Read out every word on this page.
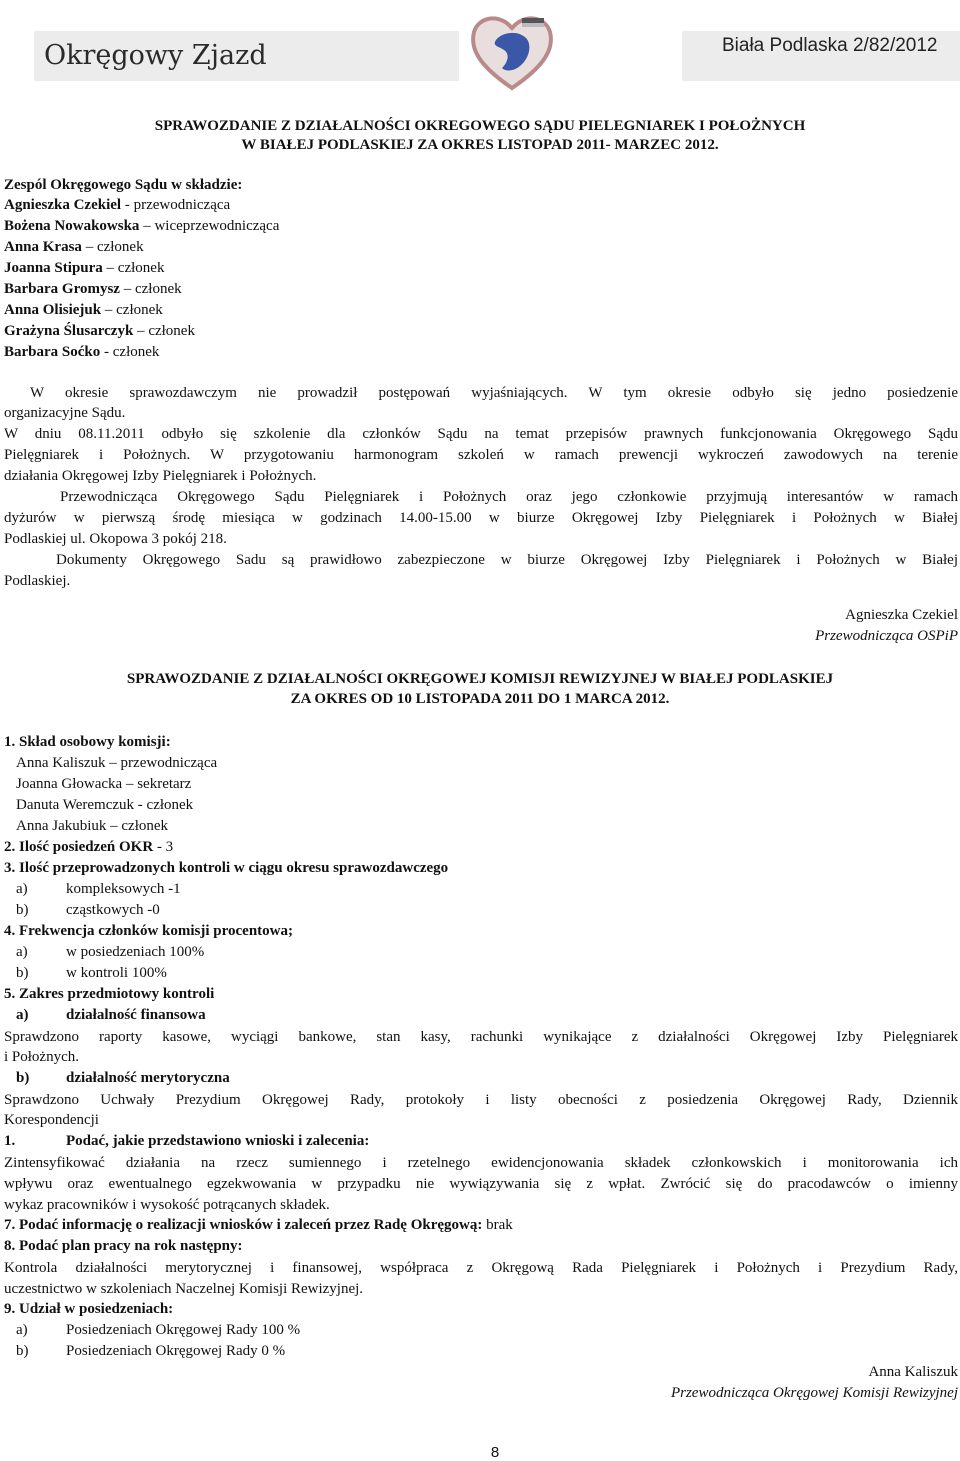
Okręgowy Zjazd	Biała Podlaska 2/82/2012
SPRAWOZDANIE Z DZIAŁALNOŚCI OKREGOWEGO SĄDU PIELEGNIAREK I POŁOŻNYCH
W BIAŁEJ PODLASKIEJ ZA OKRES LISTOPAD 2011- MARZEC 2012.
Zespól Okręgowego Sądu w składzie:
Agnieszka Czekiel - przewodnicząca
Bożena Nowakowska – wiceprzewodnicząca
Anna Krasa – członek
Joanna Stipura – członek
Barbara Gromysz – członek
Anna Olisiejuk – członek
Grażyna Ślusarczyk – członek
Barbara Soćko - członek
W okresie sprawozdawczym nie prowadził postępowań wyjaśniających. W tym okresie odbyło się jedno posiedzenie
organizacyjne Sądu.
W dniu 08.11.2011 odbyło się szkolenie dla członków Sądu na temat przepisów prawnych funkcjonowania Okręgowego Sądu
Pielęgniarek i Położnych. W przygotowaniu harmonogram szkoleń w ramach prewencji wykroczeń zawodowych na terenie
działania Okręgowej Izby Pielęgniarek i Położnych.
Przewodnicząca Okręgowego Sądu Pielęgniarek i Położnych oraz jego członkowie przyjmują interesantów w ramach
dyżurów w pierwszą środę miesiąca w godzinach 14.00-15.00 w biurze Okręgowej Izby Pielęgniarek i Położnych w Białej
Podlaskiej ul. Okopowa 3 pokój 218.
Dokumenty Okręgowego Sadu są prawidłowo zabezpieczone w biurze Okręgowej Izby Pielęgniarek i Położnych w Białej
Podlaskiej.
Agnieszka Czekiel
Przewodnicząca OSPiP
SPRAWOZDANIE Z DZIAŁALNOŚCI OKRĘGOWEJ KOMISJI REWIZYJNEJ W BIAŁEJ PODLASKIEJ
ZA OKRES OD 10 LISTOPADA 2011 DO 1 MARCA 2012.
1. Skład osobowy komisji:
Anna Kaliszuk – przewodnicząca
Joanna Głowacka – sekretarz
Danuta Weremczuk - członek
Anna Jakubiuk – członek
2. Ilość posiedzeń OKR - 3
3. Ilość przeprowadzonych kontroli w ciągu okresu sprawozdawczego
a)	kompleksowych -1
b)	cząstkowych -0
4. Frekwencja członków komisji procentowa;
a)	w posiedzeniach 100%
b)	w kontroli 100%
5. Zakres przedmiotowy kontroli
a)	działalność finansowa
Sprawdzono raporty kasowe, wyciągi bankowe, stan kasy, rachunki wynikające z działalności Okręgowej Izby Pielęgniarek
i Położnych.
b) działalność merytoryczna
Sprawdzono Uchwały Prezydium Okręgowej Rady, protokoły i listy obecności z posiedzenia Okręgowej Rady, Dziennik
Korespondencji
1.	Podać, jakie przedstawiono wnioski i zalecenia:
Zintensyfikować działania na rzecz sumiennego i rzetelnego ewidencjonowania składek członkowskich i monitorowania ich
wpływu oraz ewentualnego egzekwowania w przypadku nie wywiązywania się z wpłat. Zwrócić się do pracodawców o imienny
wykaz pracowników i wysokość potrącanych składek.
7. Podać informację o realizacji wniosków i zaleceń przez Radę Okręgową: brak
8. Podać plan pracy na rok następny:
Kontrola działalności merytorycznej i finansowej, współpraca z Okręgową Rada Pielęgniarek i Położnych i Prezydium Rady,
uczestnictwo w szkoleniach Naczelnej Komisji Rewizyjnej.
9. Udział w posiedzeniach:
a)	Posiedzeniach Okręgowej Rady 100 %
b)	Posiedzeniach Okręgowej Rady 0 %
Anna Kaliszuk
Przewodnicząca Okręgowej Komisji Rewizyjnej
8
